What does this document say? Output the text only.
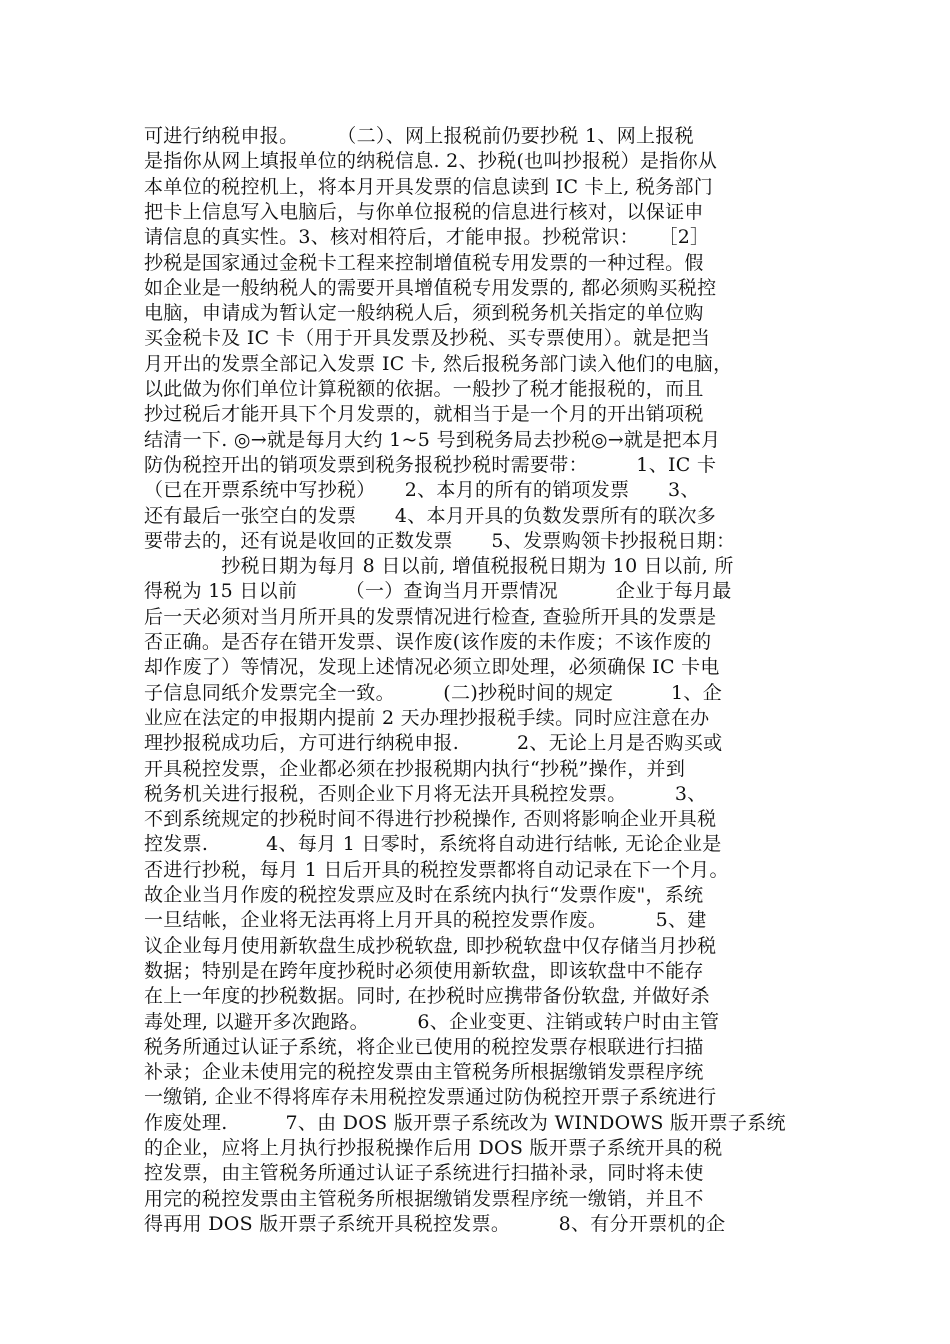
可进行纳税申报。　　　（二）、网上报税前仍要抄税 1、网上报税
是指你从网上填报单位的纳税信息. 2、抄税(也叫抄报税）是指你从
本单位的税控机上，将本月开具发票的信息读到 IC 卡上, 税务部门
把卡上信息写入电脑后，与你单位报税的信息进行核对，以保证申
请信息的真实性。3、核对相符后，才能申报。抄税常识：　　［2］
抄税是国家通过金税卡工程来控制增值税专用发票的一种过程。假
如企业是一般纳税人的需要开具增值税专用发票的, 都必须购买税控
电脑，申请成为暂认定一般纳税人后，须到税务机关指定的单位购
买金税卡及 IC 卡（用于开具发票及抄税、买专票使用）。就是把当
月开出的发票全部记入发票 IC 卡, 然后报税务部门读入他们的电脑，
以此做为你们单位计算税额的依据。一般抄了税才能报税的，而且
抄过税后才能开具下个月发票的，就相当于是一个月的开出销项税
结清一下. ◎→就是每月大约 1~5 号到税务局去抄税◎→就是把本月
防伪税控开出的销项发票到税务报税抄税时需要带：　　　1、IC 卡
（已在开票系统中写抄税）　　2、本月的所有的销项发票　　3、
还有最后一张空白的发票　　4、本月开具的负数发票所有的联次多
要带去的，还有说是收回的正数发票　　5、发票购领卡抄报税日期：
　　　　抄税日期为每月 8 日以前, 增值税报税日期为 10 日以前, 所
得税为 15 日以前　　　（一）查询当月开票情况　　　企业于每月最
后一天必须对当月所开具的发票情况进行检查, 查验所开具的发票是
否正确。是否存在错开发票、误作废(该作废的未作废；不该作废的
却作废了）等情况，发现上述情况必须立即处理，必须确保 IC 卡电
子信息同纸介发票完全一致。　　　(二)抄税时间的规定　　　1、企
业应在法定的申报期内提前 2 天办理抄报税手续。同时应注意在办
理抄报税成功后，方可进行纳税申报.　　　2、无论上月是否购买或
开具税控发票，企业都必须在抄报税期内执行“抄税”操作，并到
税务机关进行报税，否则企业下月将无法开具税控发票。　　　3、
不到系统规定的抄税时间不得进行抄税操作, 否则将影响企业开具税
控发票.　　　4、每月 1 日零时，系统将自动进行结帐, 无论企业是
否进行抄税，每月 1 日后开具的税控发票都将自动记录在下一个月。
故企业当月作废的税控发票应及时在系统内执行“发票作废"，系统
一旦结帐，企业将无法再将上月开具的税控发票作废。　　　5、建
议企业每月使用新软盘生成抄税软盘, 即抄税软盘中仅存储当月抄税
数据；特别是在跨年度抄税时必须使用新软盘，即该软盘中不能存
在上一年度的抄税数据。同时, 在抄税时应携带备份软盘, 并做好杀
毒处理, 以避开多次跑路。　　　6、企业变更、注销或转户时由主管
税务所通过认证子系统，将企业已使用的税控发票存根联进行扫描
补录；企业未使用完的税控发票由主管税务所根据缴销发票程序统
一缴销, 企业不得将库存未用税控发票通过防伪税控开票子系统进行
作废处理.　　　7、由 DOS 版开票子系统改为 WINDOWS 版开票子系统
的企业，应将上月执行抄报税操作后用 DOS 版开票子系统开具的税
控发票，由主管税务所通过认证子系统进行扫描补录，同时将未使
用完的税控发票由主管税务所根据缴销发票程序统一缴销，并且不
得再用 DOS 版开票子系统开具税控发票。　　　8、有分开票机的企
